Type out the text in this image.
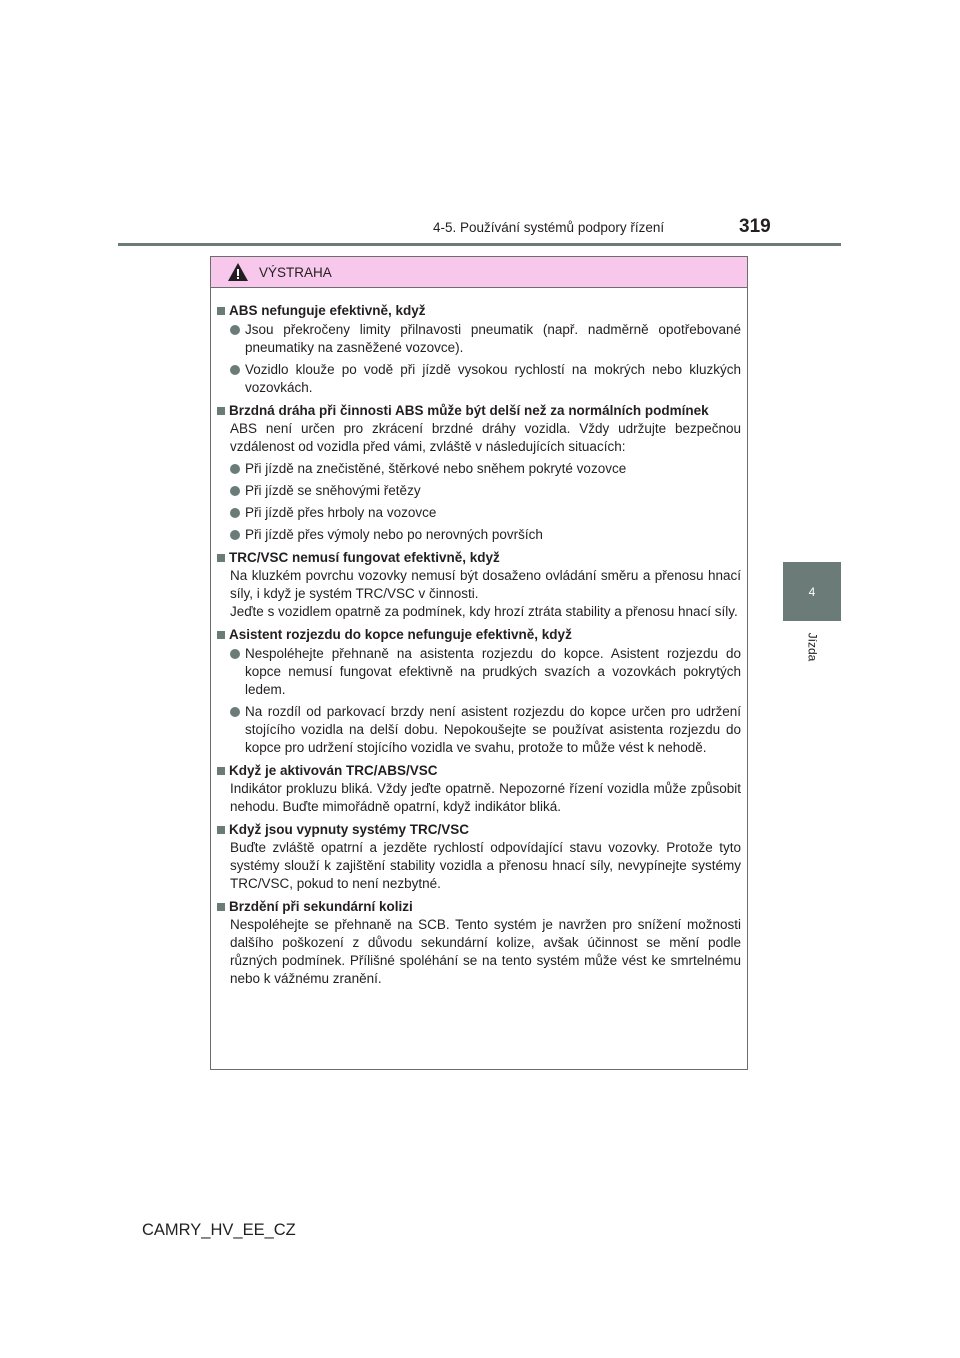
4-5. Používání systémů podpory řízení	319
4
Jízda
VÝSTRAHA
ABS nefunguje efektivně, když
Jsou překročeny limity přilnavosti pneumatik (např. nadměrně opotřebované pneumatiky na zasněžené vozovce).
Vozidlo klouže po vodě při jízdě vysokou rychlostí na mokrých nebo kluzkých vozovkách.
Brzdná dráha při činnosti ABS může být delší než za normálních podmínek
ABS není určen pro zkrácení brzdné dráhy vozidla. Vždy udržujte bezpečnou vzdálenost od vozidla před vámi, zvláště v následujících situacích:
Při jízdě na znečistěné, štěrkové nebo sněhem pokryté vozovce
Při jízdě se sněhovými řetězy
Při jízdě přes hrboly na vozovce
Při jízdě přes výmoly nebo po nerovných površích
TRC/VSC nemusí fungovat efektivně, když
Na kluzkém povrchu vozovky nemusí být dosaženo ovládání směru a přenosu hnací síly, i když je systém TRC/VSC v činnosti.
Jeďte s vozidlem opatrně za podmínek, kdy hrozí ztráta stability a přenosu hnací síly.
Asistent rozjezdu do kopce nefunguje efektivně, když
Nespoléhejte přehnaně na asistenta rozjezdu do kopce. Asistent rozjezdu do kopce nemusí fungovat efektivně na prudkých svazích a vozovkách pokrytých ledem.
Na rozdíl od parkovací brzdy není asistent rozjezdu do kopce určen pro udržení stojícího vozidla na delší dobu. Nepokoušejte se používat asistenta rozjezdu do kopce pro udržení stojícího vozidla ve svahu, protože to může vést k nehodě.
Když je aktivován TRC/ABS/VSC
Indikátor prokluzu bliká. Vždy jeďte opatrně. Nepozorné řízení vozidla může způsobit nehodu. Buďte mimořádně opatrní, když indikátor bliká.
Když jsou vypnuty systémy TRC/VSC
Buďte zvláště opatrní a jezděte rychlostí odpovídající stavu vozovky. Protože tyto systémy slouží k zajištění stability vozidla a přenosu hnací síly, nevypínejte systémy TRC/VSC, pokud to není nezbytné.
Brzdění při sekundární kolizi
Nespoléhejte se přehnaně na SCB. Tento systém je navržen pro snížení možnosti dalšího poškození z důvodu sekundární kolize, avšak účinnost se mění podle různých podmínek. Přílišné spoléhání se na tento systém může vést ke smrtelnému nebo k vážnému zranění.
CAMRY_HV_EE_CZ
